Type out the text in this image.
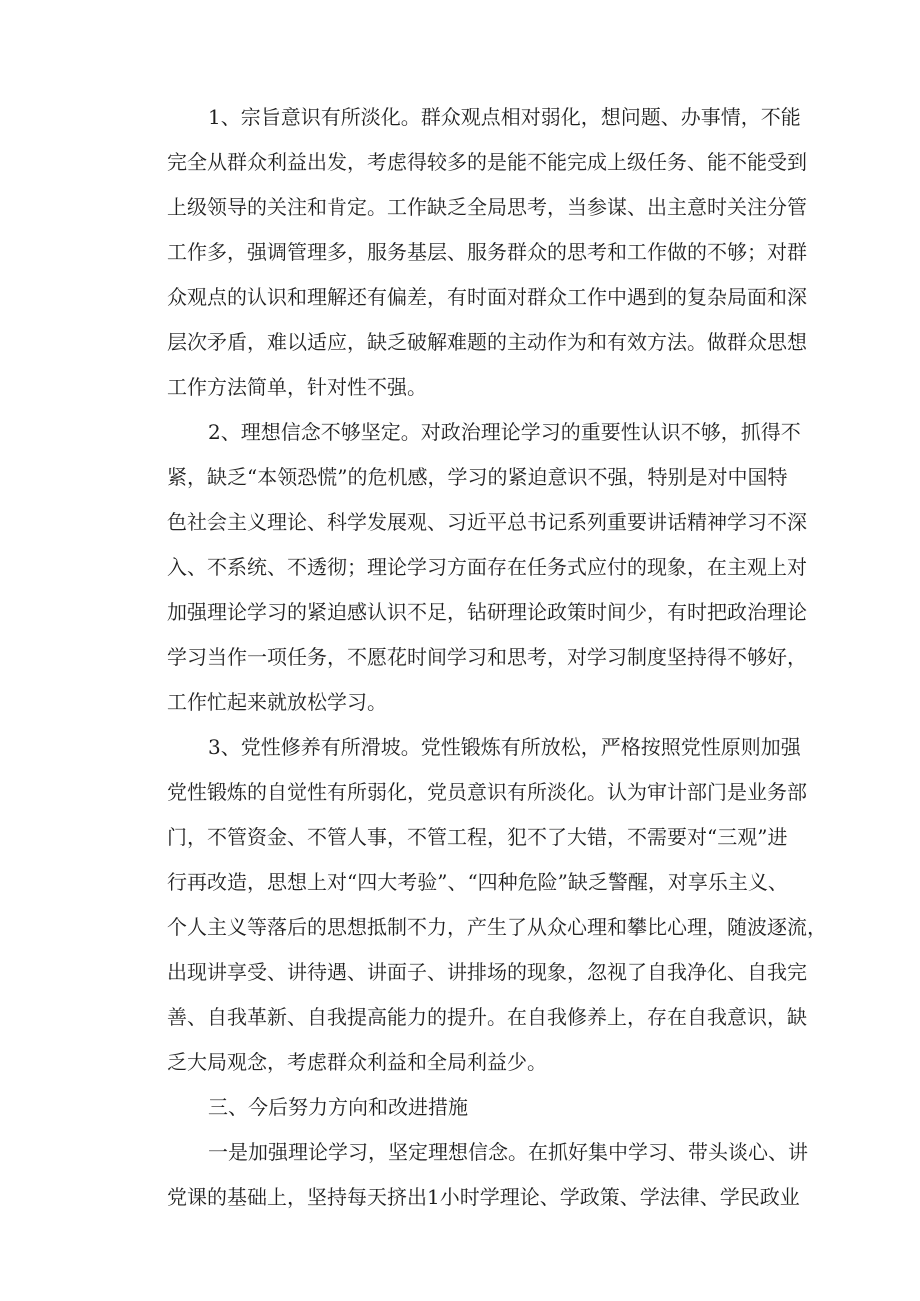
1、宗旨意识有所淡化。群众观点相对弱化，想问题、办事情，不能
完全从群众利益出发，考虑得较多的是能不能完成上级任务、能不能受到
上级领导的关注和肯定。工作缺乏全局思考，当参谋、出主意时关注分管
工作多，强调管理多，服务基层、服务群众的思考和工作做的不够；对群
众观点的认识和理解还有偏差，有时面对群众工作中遇到的复杂局面和深
层次矛盾，难以适应，缺乏破解难题的主动作为和有效方法。做群众思想
工作方法简单，针对性不强。

2、理想信念不够坚定。对政治理论学习的重要性认识不够，抓得不
紧，缺乏“本领恐慌”的危机感，学习的紧迫意识不强，特别是对中国特
色社会主义理论、科学发展观、习近平总书记系列重要讲话精神学习不深
入、不系统、不透彻；理论学习方面存在任务式应付的现象，在主观上对
加强理论学习的紧迫感认识不足，钻研理论政策时间少，有时把政治理论
学习当作一项任务，不愿花时间学习和思考，对学习制度坚持得不够好，
工作忙起来就放松学习。

3、党性修养有所滑坡。党性锻炼有所放松，严格按照党性原则加强
党性锻炼的自觉性有所弱化，党员意识有所淡化。认为审计部门是业务部
门，不管资金、不管人事，不管工程，犯不了大错，不需要对“三观”进
行再改造，思想上对“四大考验”、“四种危险”缺乏警醒，对享乐主义、
个人主义等落后的思想抵制不力，产生了从众心理和攀比心理，随波逐流，
出现讲享受、讲待遇、讲面子、讲排场的现象，忽视了自我净化、自我完
善、自我革新、自我提高能力的提升。在自我修养上，存在自我意识，缺
乏大局观念，考虑群众利益和全局利益少。

三、今后努力方向和改进措施

一是加强理论学习，坚定理想信念。在抓好集中学习、带头谈心、讲
党课的基础上，坚持每天挤出1小时学理论、学政策、学法律、学民政业
